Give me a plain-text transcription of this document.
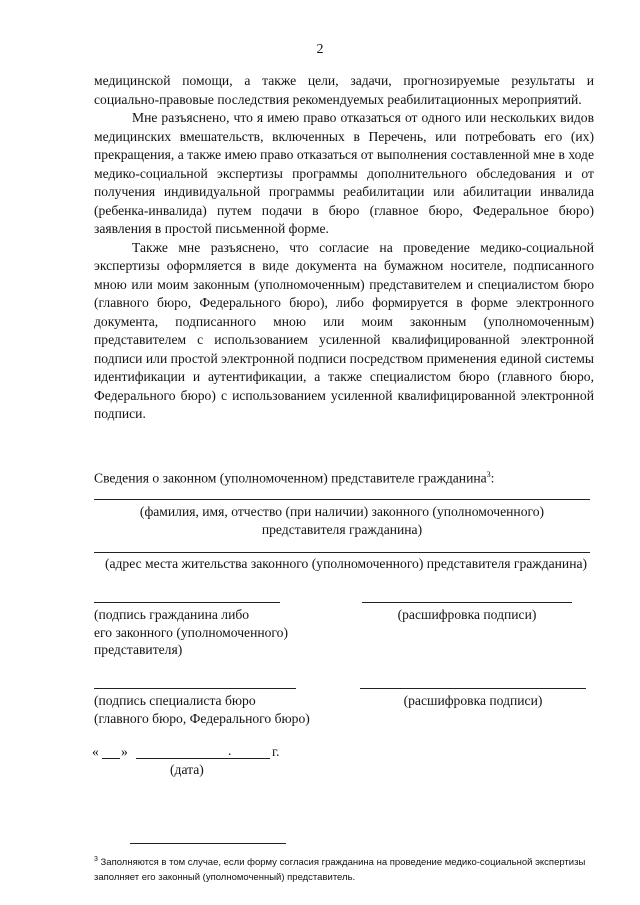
2

медицинской помощи, а также цели, задачи, прогнозируемые результаты и социально-правовые последствия рекомендуемых реабилитационных мероприятий.

Мне разъяснено, что я имею право отказаться от одного или нескольких видов медицинских вмешательств, включенных в Перечень, или потребовать его (их) прекращения, а также имею право отказаться от выполнения составленной мне в ходе медико-социальной экспертизы программы дополнительного обследования и от получения индивидуальной программы реабилитации или абилитации инвалида (ребенка-инвалида) путем подачи в бюро (главное бюро, Федеральное бюро) заявления в простой письменной форме.

Также мне разъяснено, что согласие на проведение медико-социальной экспертизы оформляется в виде документа на бумажном носителе, подписанного мною или моим законным (уполномоченным) представителем и специалистом бюро (главного бюро, Федерального бюро), либо формируется в форме электронного документа, подписанного мною или моим законным (уполномоченным) представителем с использованием усиленной квалифицированной электронной подписи или простой электронной подписи посредством применения единой системы идентификации и аутентификации, а также специалистом бюро (главного бюро, Федерального бюро) с использованием усиленной квалифицированной электронной подписи.

Сведения о законном (уполномоченном) представителе гражданина$^3$:
(фамилия, имя, отчество (при наличии) законного (уполномоченного) представителя гражданина)
(адрес места жительства законного (уполномоченного) представителя гражданина)
(подпись гражданина либо
его законного (уполномоченного)
представителя)
(расшифровка подписи)
(подпись специалиста бюро
(главного бюро, Федерального бюро)
(расшифровка подписи)
« »	.	г.
(дата)
$^3$ Заполняются в том случае, если форму согласия гражданина на проведение медико-социальной экспертизы заполняет его законный (уполномоченный) представитель.
